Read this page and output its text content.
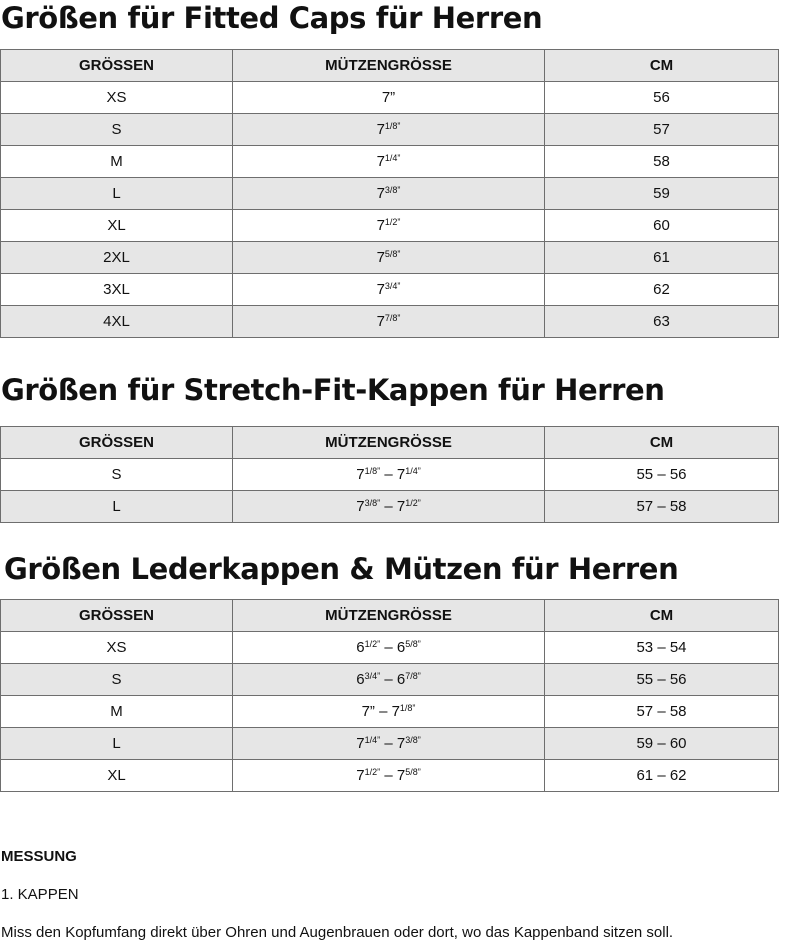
Größen für Fitted Caps für Herren
GRÖSSEN	MÜTZENGRÖSSE	CM
XS	7”	56
S	$7^{1/8”}$	57
M	$7^{1/4”}$	58
L	$7^{3/8”}$	59
XL	$7^{1/2”}$	60
2XL	$7^{5/8”}$	61
3XL	$7^{3/4”}$	62
4XL	$7^{7/8”}$	63
Größen für Stretch-Fit-Kappen für Herren
GRÖSSEN	MÜTZENGRÖSSE	CM
S	$7^{1/8”} - 7^{1/4”}$	55 – 56
L	$7^{3/8”} - 7^{1/2”}$	57 – 58
Größen Lederkappen & Mützen für Herren
GRÖSSEN	MÜTZENGRÖSSE	CM
XS	$6^{1/2”} - 6^{5/8”}$	53 – 54
S	$6^{3/4”} - 6^{7/8”}$	55 – 56
M	7” – $7^{1/8”}$	57 – 58
L	$7^{1/4”} - 7^{3/8”}$	59 – 60
XL	$7^{1/2”} - 7^{5/8”}$	61 – 62

MESSUNG

1. KAPPEN

Miss den Kopfumfang direkt über Ohren und Augenbrauen oder dort, wo das Kappenband sitzen soll.
